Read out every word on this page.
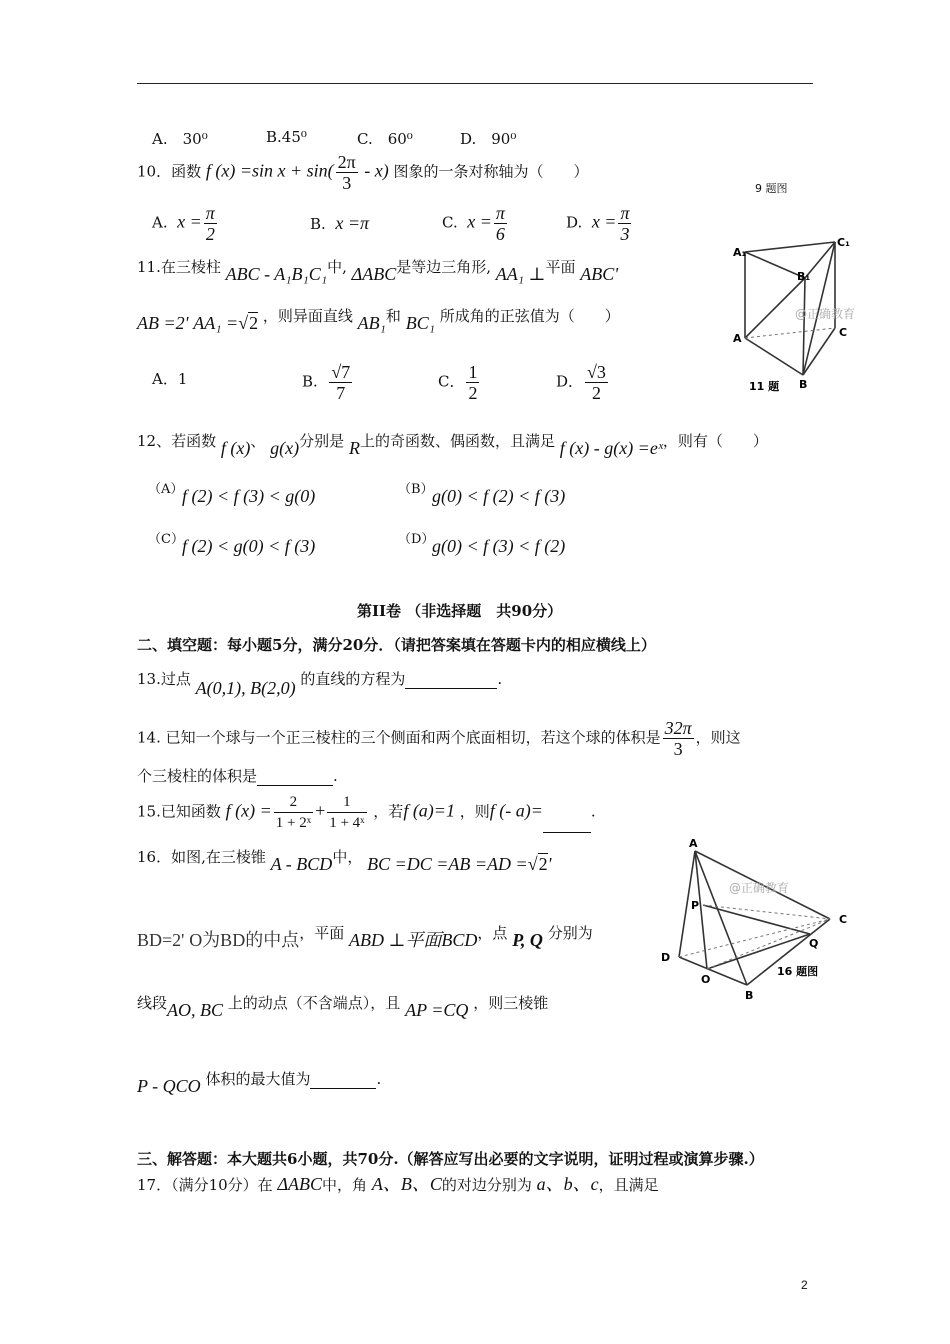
A.　30⁰	B.45⁰	C.　60⁰	D.　90⁰
10．函数 f (x) =sin $x + \sin( \frac{2\pi}{3} - x)$ 图象的一条对称轴为（　　）
9 题图
A. $x = \frac{\pi}{2}$	B. x =π	C. $x = \frac{\pi}{6}$	D. $x = \frac{\pi}{3}$
11.在三棱柱 ABC - A₁B₁C₁中, ΔABC是等边三角形, AA₁ ⊥平面 ABC'
AB =2' AA₁ =√2 ，则异面直线 AB₁和 BC₁ 所成角的正弦值为（　　）
A．1	B. $\frac{√7}{7}$	C． $\frac{1}{2}$	D． $\frac{√3}{2}$
A₁
C₁
B₁
A	C
B
11 题
@正确教育
12、若函数 f (x)、 g(x)分别是 R上的奇函数、偶函数，且满足 f (x) - g(x) =eˣ，则有（　　）
（A）
f (2) < f (3) < g(0)	（B）
g(0) < f (2) < f (3)
（C）
f (2) < g(0) < f (3)	（D）
g(0) < f (3) < f (2)
第II卷 （非选择题　共90分）
二、填空题：每小题5分，满分20分．（请把答案填在答题卡内的相应横线上）
13.过点 A(0,1), B(2,0) 的直线的方程为	.
14. 已知一个球与一个正三棱柱的三个侧面和两个底面相切，若这个球的体积是 $\frac{32\pi}{3}$ ，则这
个三棱柱的体积是	.
15.已知函数 f $(x) = \frac{2}{\text{1 + 2ˣ}} + \frac{1}{\text{1 + 4ˣ}}$ ，若f (a)=1 ，则f (- a)=	.
16．如图,在三棱锥 A - BCD中， BC =DC =AB =AD =√2'
BD=2' O为BD的中点，平面 ABD ⊥平面BCD，点 P, Q 分别为
线段AO, BC 上的动点（不含端点），且 AP =CQ ，则三棱锥
P - QCO 体积的最大值为	.
A
P
C
D
O
Q
B
16 题图
@正确教育
三、解答题：本大题共6小题，共70分.（解答应写出必要的文字说明，证明过程或演算步骤.）
17．（满分10分）在 ΔABC中，角 A、B、C的对边分别为 a、b、c，且满足
2
